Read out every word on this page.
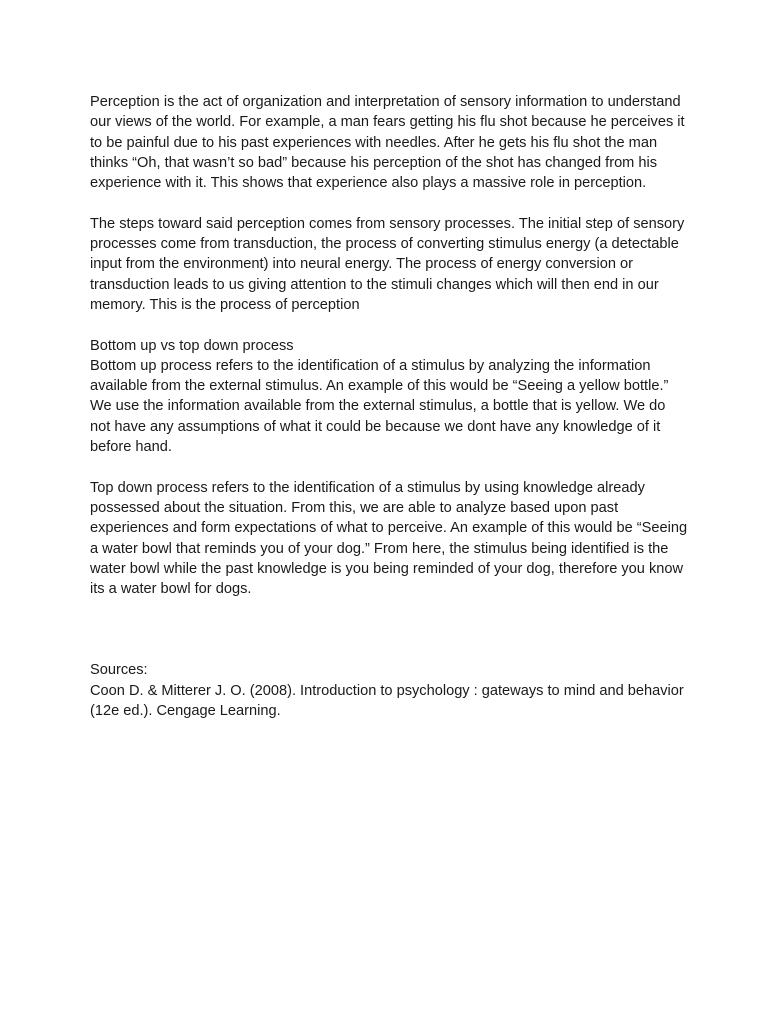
Perception is the act of organization and interpretation of sensory information to understand our views of the world. For example, a man fears getting his flu shot because he perceives it to be painful due to his past experiences with needles. After he gets his flu shot the man thinks “Oh, that wasn’t so bad” because his perception of the shot has changed from his experience with it. This shows that experience also plays a massive role in perception.

The steps toward said perception comes from sensory processes. The initial step of sensory processes come from transduction, the process of converting stimulus energy (a detectable input from the environment) into neural energy. The process of energy conversion or transduction leads to us giving attention to the stimuli changes which will then end in our memory. This is the process of perception

Bottom up vs top down process

Bottom up process refers to the identification of a stimulus by analyzing the information available from the external stimulus. An example of this would be “Seeing a yellow bottle.” We use the information available from the external stimulus, a bottle that is yellow. We do not have any assumptions of what it could be because we dont have any knowledge of it before hand.

Top down process refers to the identification of a stimulus by using knowledge already possessed about the situation. From this, we are able to analyze based upon past experiences and form expectations of what to perceive. An example of this would be “Seeing a water bowl that reminds you of your dog.” From here, the stimulus being identified is the water bowl while the past knowledge is you being reminded of your dog, therefore you know its a water bowl for dogs.

Sources:

Coon D. & Mitterer J. O. (2008). Introduction to psychology : gateways to mind and behavior (12e ed.). Cengage Learning.
